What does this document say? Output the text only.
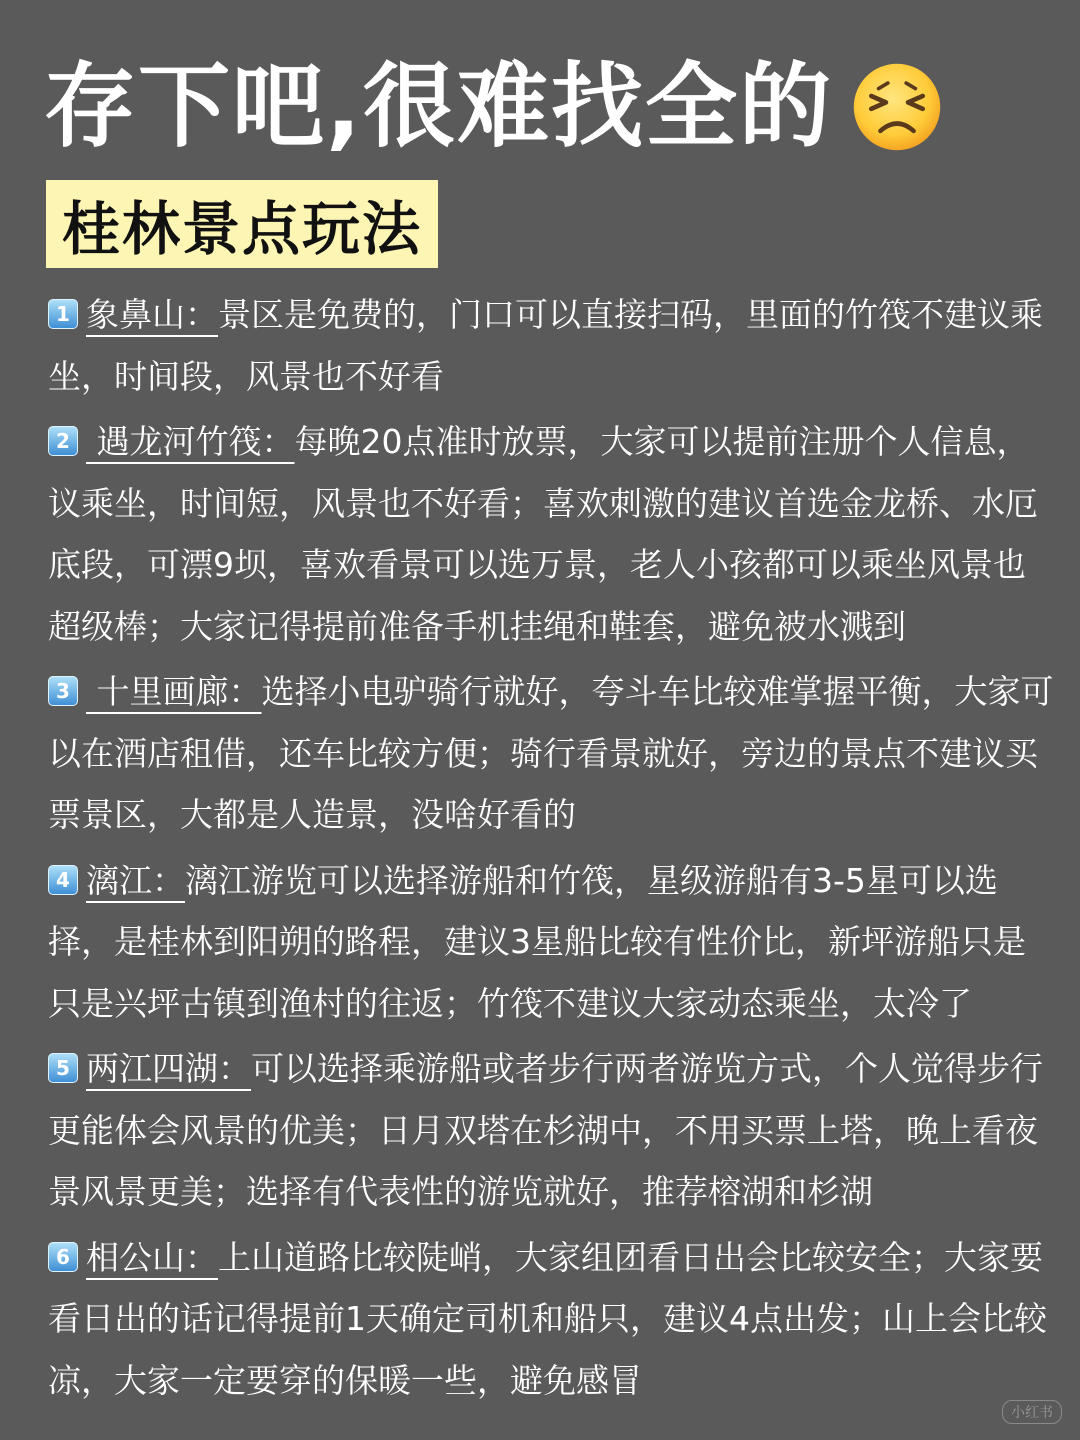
存下吧,很难找全的
桂林景点玩法
1 象鼻山：景区是免费的，门口可以直接扫码，里面的竹筏不建议乘坐，时间段，风景也不好看
2 遇龙河竹筏：每晚20点准时放票，大家可以提前注册个人信息，议乘坐，时间短，风景也不好看；喜欢刺激的建议首选金龙桥、水厄底段，可漂9坝，喜欢看景可以选万景，老人小孩都可以乘坐风景也超级棒；大家记得提前准备手机挂绳和鞋套，避免被水溅到
3 十里画廊：选择小电驴骑行就好，夸斗车比较难掌握平衡，大家可以在酒店租借，还车比较方便；骑行看景就好，旁边的景点不建议买票景区，大都是人造景，没啥好看的
4 漓江：漓江游览可以选择游船和竹筏，星级游船有3-5星可以选择，是桂林到阳朔的路程，建议3星船比较有性价比，新坪游船只是只是兴坪古镇到渔村的往返；竹筏不建议大家动态乘坐，太冷了
5 两江四湖：可以选择乘游船或者步行两者游览方式，个人觉得步行更能体会风景的优美；日月双塔在杉湖中，不用买票上塔，晚上看夜景风景更美；选择有代表性的游览就好，推荐榕湖和杉湖
6 相公山：上山道路比较陡峭，大家组团看日出会比较安全；大家要看日出的话记得提前1天确定司机和船只，建议4点出发；山上会比较凉，大家一定要穿的保暖一些，避免感冒
小红书
